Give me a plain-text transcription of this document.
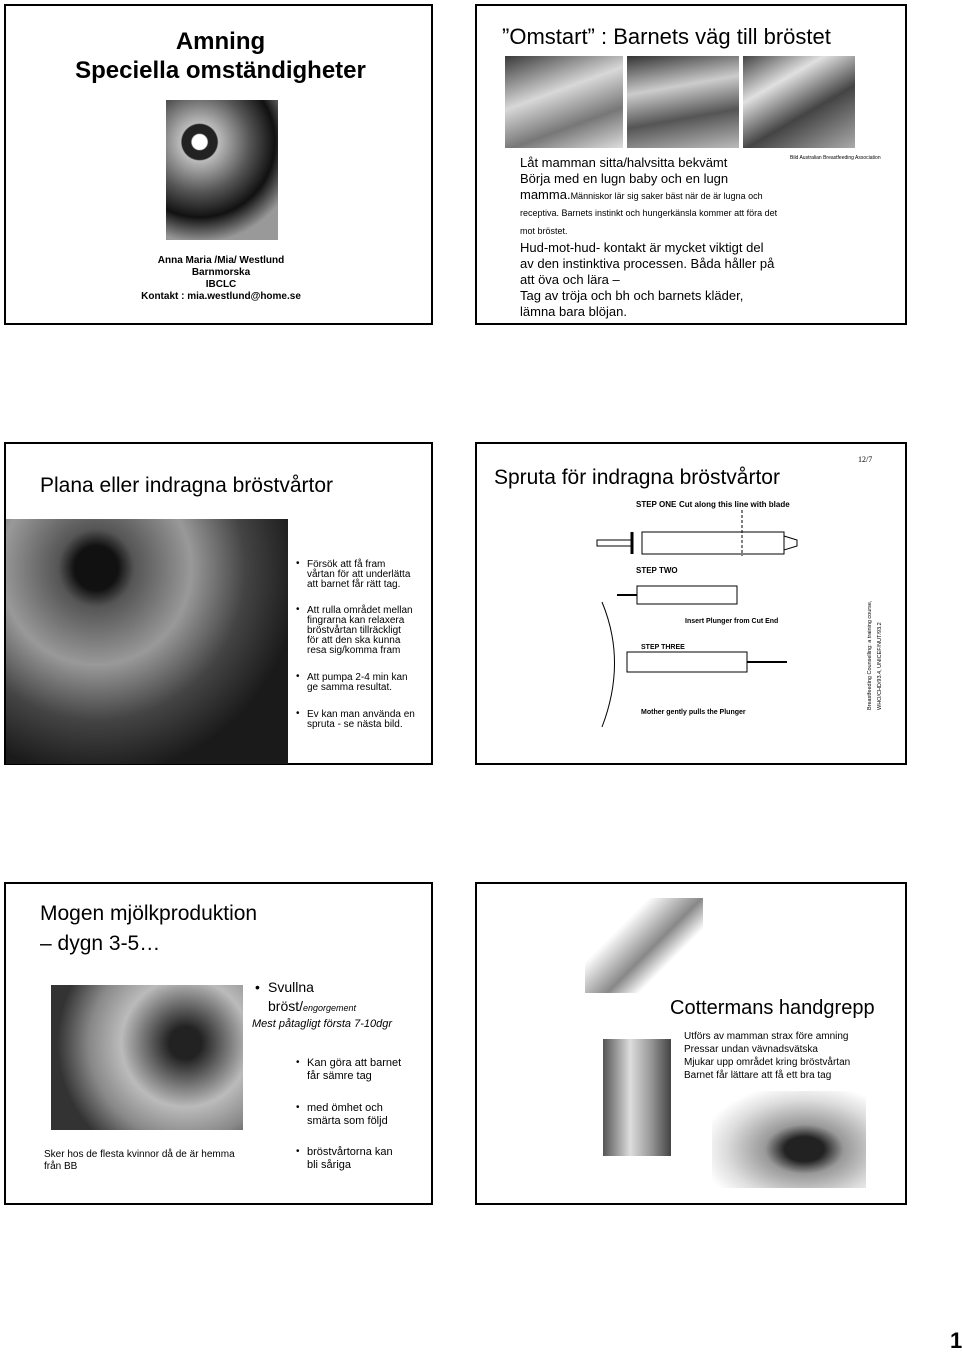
Amning
Speciella omständigheter
Anna Maria /Mia/ Westlund
Barnmorska
IBCLC
Kontakt : mia.westlund@home.se
”Omstart” : Barnets väg till bröstet
Bild Australian Breastfeeding Association
Låt mamman sitta/halvsitta bekvämt
Börja med en lugn baby och en lugn
mamma.Människor lär sig saker bäst när de är lugna och
receptiva. Barnets instinkt och hungerkänsla kommer att föra det
mot bröstet.
Hud-mot-hud- kontakt är mycket viktigt del
av den instinktiva processen. Båda håller på
att öva och lära –
Tag av tröja och bh och barnets kläder,
lämna bara blöjan.
Plana eller indragna bröstvårtor
• Försök att få fram
vårtan för att underlätta
att barnet får rätt tag.
• Att rulla området mellan
fingrarna kan relaxera
bröstvårtan tillräckligt
för att den ska kunna
resa sig/komma fram
• Att pumpa 2-4 min kan
ge samma resultat.
• Ev kan man använda en
spruta - se nästa bild.
Spruta för indragna bröstvårtor
12/7
STEP ONE Cut along this line with blade
STEP TWO
Insert Plunger from Cut End
STEP THREE
Mother gently pulls the Plunger
Breastfeeding Counselling: a training course, WHO/CHD/93.4, UNICEF/NUT/93.2
Mogen mjölkproduktion
– dygn 3-5…
• Svullna
bröst/engorgement
Mest påtagligt första 7-10dgr
• Kan göra att barnet
får sämre tag
• med ömhet och
smärta som följd
• bröstvårtorna kan
bli såriga
Sker hos de flesta kvinnor då de är hemma
från BB
Cottermans handgrepp
Utförs av mamman strax före amning
Pressar undan vävnadsvätska
Mjukar upp området kring bröstvårtan
Barnet får lättare att få ett bra tag
1
